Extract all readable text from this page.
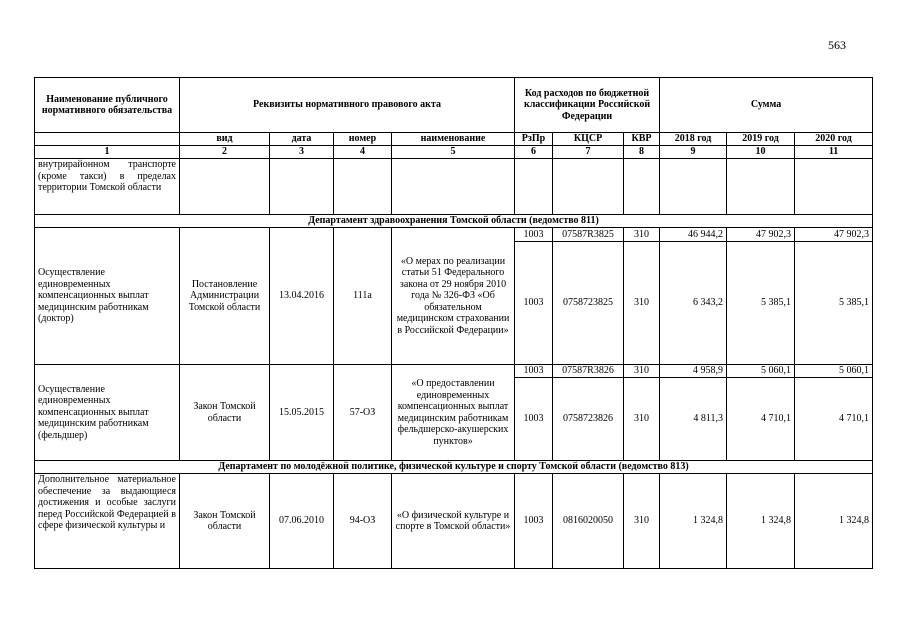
563
Наименование публичного нормативного обязательства	Реквизиты нормативного правового акта				Код расходов по бюджетной классификации Российской Федерации			Сумма		
	вид	дата	номер	наименование	РзПр	КЦСР	КВР	2018 год	2019 год	2020 год
1	2	3	4	5	6	7	8	9	10	11
внутрирайонном транспорте (кроме такси) в пределах территории Томской области										
Департамент здравоохранения Томской области (ведомство 811)										
Осуществление единовременных компенсационных выплат медицинским работникам (доктор)	Постановление Администрации Томской области	13.04.2016	111а	«О мерах по реализации статьи 51 Федерального закона от 29 ноября 2010 года № 326-ФЗ «Об обязательном медицинском страховании в Российской Федерации»	1003	07587R3825	310	46 944,2	47 902,3	47 902,3
					1003	0758723825	310	6 343,2	5 385,1	5 385,1
Осуществление единовременных компенсационных выплат медицинским работникам (фельдшер)	Закон Томской области	15.05.2015	57-ОЗ	«О предоставлении единовременных компенсационных выплат медицинским работникам фельдшерско-акушерских пунктов»	1003	07587R3826	310	4 958,9	5 060,1	5 060,1
					1003	0758723826	310	4 811,3	4 710,1	4 710,1
Департамент по молодёжной политике, физической культуре и спорту Томской области (ведомство 813)										
Дополнительное материальное обеспечение за выдающиеся достижения и особые заслуги перед Российской Федерацией в сфере физической культуры и	Закон Томской области	07.06.2010	94-ОЗ	«О физической культуре и спорте в Томской области»	1003	0816020050	310	1 324,8	1 324,8	1 324,8
